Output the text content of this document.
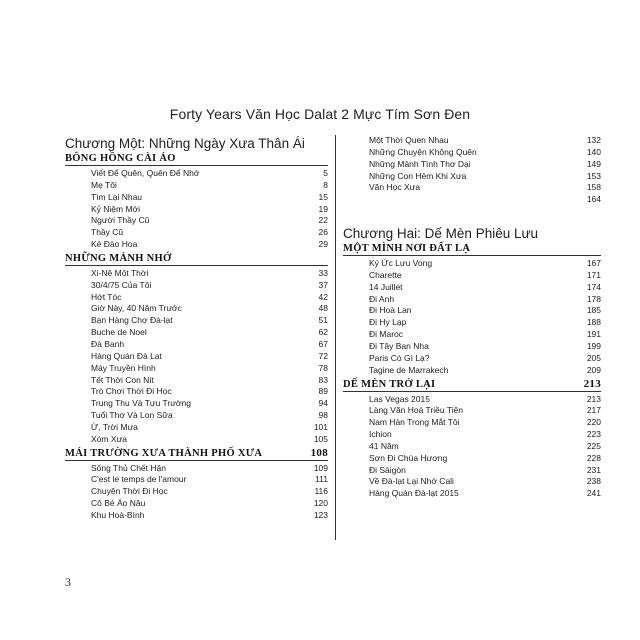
Forty Years Văn Học Dalat 2 Mực Tím Sơn Đen
Chương Một: Những Ngày Xưa Thân Ái
BÔNG HỒNG CÀI ÁO
Viết Để Quên, Quên Để Nhớ	5
Mẹ Tôi	8
Tìm Lại Nhau	15
Kỷ Niệm Mới	19
Người Thầy Cũ	22
Thầy Cũ	26
Kẻ Đào Hoa	29
NHỮNG MẢNH NHỚ
Xi-Nê Một Thời	33
30/4/75 Của Tôi	37
Hớt Tóc	42
Giờ Này, 40 Năm Trước	48
Bạn Hàng Chợ Đà-lạt	51
Buche de Noel	62
Đá Banh	67
Hàng Quán Đà Lạt	72
Máy Truyền Hình	78
Tết Thời Con Nít	83
Trò Chơi Thời Đi Học	89
Trung Thu Và Tựu Trường	94
Tuổi Thơ Và Lon Sữa	98
Ừ, Trời Mưa	101
Xóm Xưa	105
MÁI TRƯỜNG XƯA THÀNH PHỐ XƯA	108
Sống Thủ Chết Hận	109
C'est le temps de l'amour	111
Chuyện Thời Đi Học	116
Cô Bé Áo Nâu	120
Khu Hoà-Bình	123
Một Thời Quen Nhau	132
Những Chuyện Không Quên	140
Những Mảnh Tình Thơ Dại	149
Những Con Hẻm Khi Xưa	153
Văn Học Xưa	158
164
Chương Hai: Dế Mèn Phiêu Lưu
MỘT MÌNH NƠI ĐẤT LẠ
Ký Ức Lưu Vong	167
Charette	171
14 Juillet	174
Đi Anh	178
Đi Hoà Lan	185
Đi Hy Lạp	188
Đi Maroc	191
Đi Tây Ban Nha	199
Paris Có Gì Lạ?	205
Tagine de Marrakech	209
DẾ MÈN TRỞ LẠI	213
Las Vegas 2015	213
Làng Văn Hoá Triều Tiên	217
Nam Hàn Trong Mắt Tôi	220
Ichion	223
41 Năm	225
Sơn Đi Chùa Hương	228
Đi Sàigòn	231
Về Đà-lạt Lại Nhớ Cali	238
Hàng Quán Đà-lạt 2015	241
3
